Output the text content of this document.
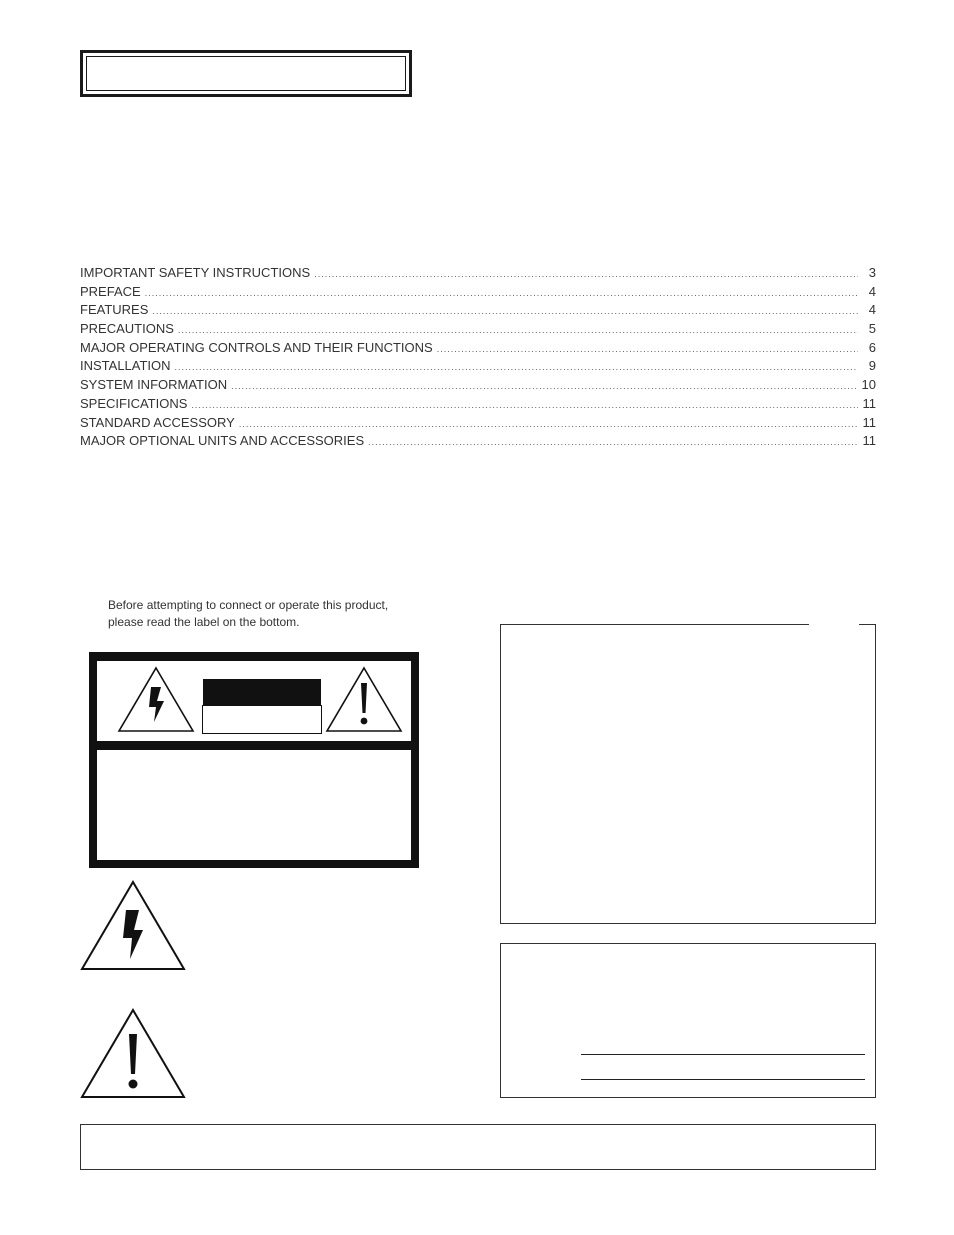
IMPORTANT SAFETY INSTRUCTIONS .....	3
PREFACE .....	4
FEATURES .....	4
PRECAUTIONS .....	5
MAJOR OPERATING CONTROLS AND THEIR FUNCTIONS .....	6
INSTALLATION .....	9
SYSTEM INFORMATION .....	10
SPECIFICATIONS .....	11
STANDARD ACCESSORY .....	11
MAJOR OPTIONAL UNITS AND ACCESSORIES .....	11
Before attempting to connect or operate this product,
please read the label on the bottom.
